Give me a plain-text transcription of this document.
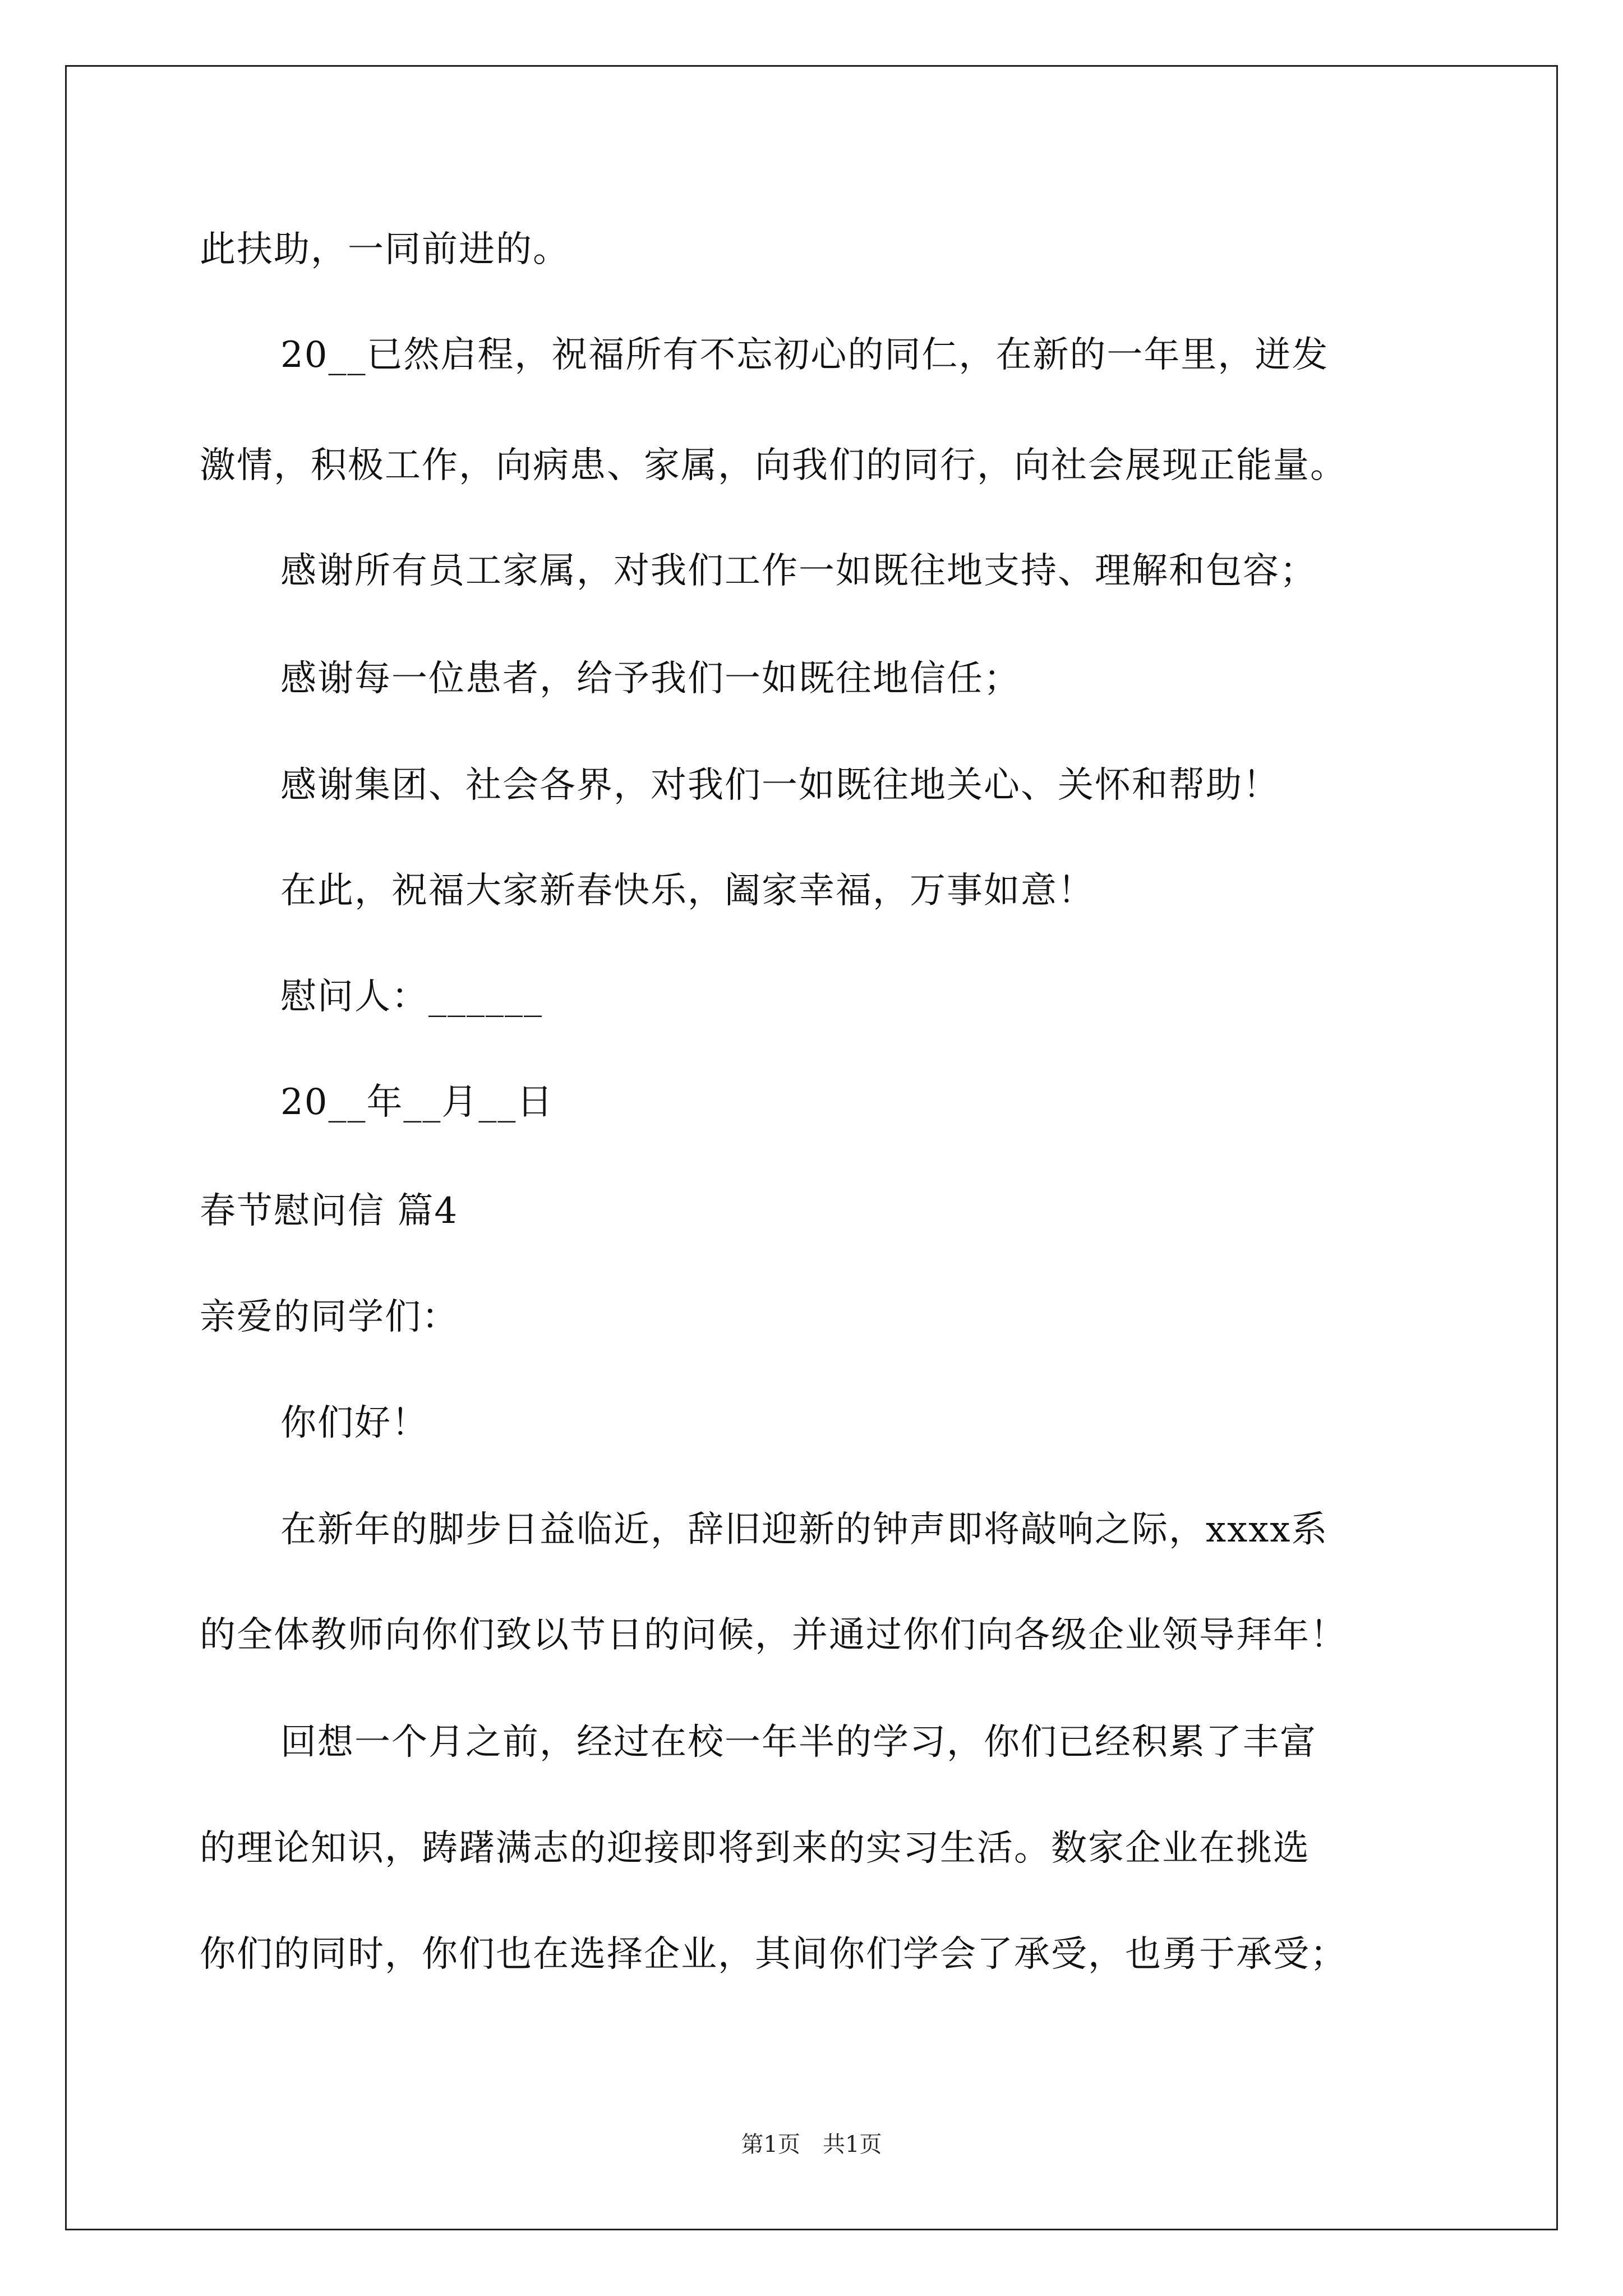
此扶助，一同前进的。
20__已然启程，祝福所有不忘初心的同仁，在新的一年里，迸发
激情，积极工作，向病患、家属，向我们的同行，向社会展现正能量。
感谢所有员工家属，对我们工作一如既往地支持、理解和包容；
感谢每一位患者，给予我们一如既往地信任；
感谢集团、社会各界，对我们一如既往地关心、关怀和帮助！
在此，祝福大家新春快乐，阖家幸福，万事如意！
慰问人：______
20__年__月__日
春节慰问信 篇4
亲爱的同学们：
你们好！
在新年的脚步日益临近，辞旧迎新的钟声即将敲响之际，xxxx系
的全体教师向你们致以节日的问候，并通过你们向各级企业领导拜年！
回想一个月之前，经过在校一年半的学习，你们已经积累了丰富
的理论知识，踌躇满志的迎接即将到来的实习生活。数家企业在挑选
你们的同时，你们也在选择企业，其间你们学会了承受，也勇于承受；
第1页 共1页
